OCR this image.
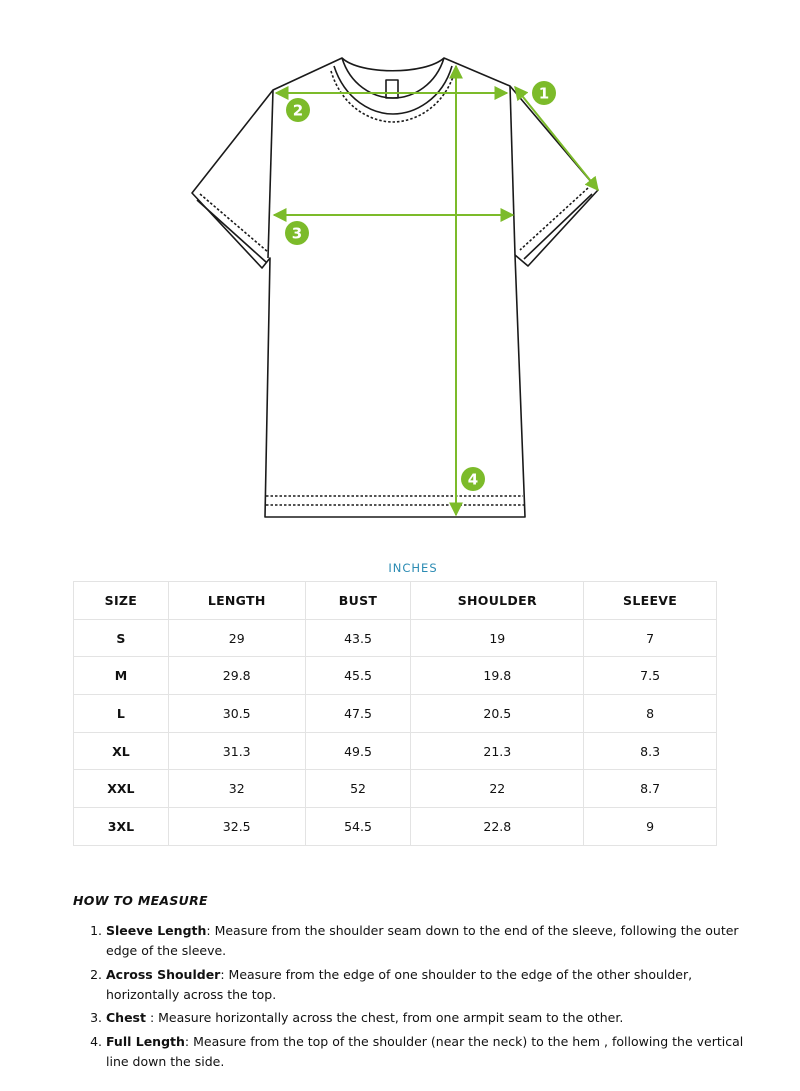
1
2
3
4
INCHES
SIZE	LENGTH	BUST	SHOULDER	SLEEVE
S	29	43.5	19	7
M	29.8	45.5	19.8	7.5
L	30.5	47.5	20.5	8
XL	31.3	49.5	21.3	8.3
XXL	32	52	22	8.7
3XL	32.5	54.5	22.8	9
HOW TO MEASURE
1. Sleeve Length: Measure from the shoulder seam down to the end of the sleeve, following the outer edge of the sleeve.
2. Across Shoulder: Measure from the edge of one shoulder to the edge of the other shoulder, horizontally across the top.
3. Chest : Measure horizontally across the chest, from one armpit seam to the other.
4. Full Length: Measure from the top of the shoulder (near the neck) to the hem , following the vertical line down the side.
